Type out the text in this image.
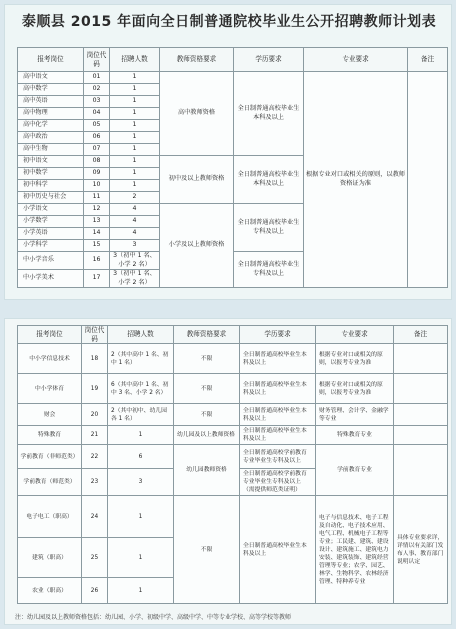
泰顺县 2015 年面向全日制普通院校毕业生公开招聘教师计划表
报考岗位	岗位代码	招聘人数	教师资格要求	学历要求	专业要求	备注
高中语文	01	1	高中教师资格	全日制普通高校毕业生本科及以上	根据专业对口或相关的原则，以教师资格证为准	
高中数学	02	1				
高中英语	03	1				
高中物理	04	1				
高中化学	05	1				
高中政治	06	1				
高中生物	07	1				
初中语文	08	1	初中及以上教师资格	全日制普通高校毕业生本科及以上		
初中数学	09	1				
初中科学	10	1				
初中历史与社会	11	2				
小学语文	12	4	小学及以上教师资格	全日制普通高校毕业生专科及以上		
小学数学	13	4				
小学英语	14	4				
小学科学	15	3				
中小学音乐	16	3（初中 1 名、小学 2 名）		全日制普通高校毕业生专科及以上		
中小学美术	17	3（初中 1 名、小学 2 名）				
报考岗位	岗位代码	招聘人数	教师资格要求	学历要求	专业要求	备注
中小学信息技术	18	2（其中高中 1 名、初中 1 名）	不限	全日制普通高校毕业生本科及以上	根据专业对口或相关的原则，以报考专业为准	
中小学体育	19	6（其中高中 1 名、初中 3 名、小学 2 名）	不限	全日制普通高校毕业生本科及以上	根据专业对口或相关的原则，以报考专业为准	
财会	20	2（其中初中、幼儿园各 1 名）	不限	全日制普通高校毕业生本科及以上	财务管理、会计学、金融学等专业	
特殊教育	21	1	幼儿园及以上教师资格	全日制普通高校毕业生本科及以上	特殊教育专业	
学前教育（非师范类）	22	6	幼儿园教师资格	全日制普通高校学前教育专业毕业生专科及以上	学前教育专业	
学前教育（师范类）	23	3		全日制普通高校学前教育专业毕业生专科及以上（需提供师范类证明）		
电子电工（职高）	24	1	不限	全日制普通高校毕业生本科及以上	电子与信息技术、电子工程及自动化、电子技术应用、电气工程、机械电子工程等专业；工民建、建筑、建设设计、建筑施工、建筑电力安装、建筑装饰、建筑经营管理等专业；农学、园艺、林学、生物科学、农林经济管理、特种养专业	具体专业要求详，详情以有关部门发布人事、教育部门说明认定
建筑（职高）	25	1				
农业（职高）	26	1				
注：幼儿园及以上教师资格包括：幼儿园、小学、初级中学、高级中学、中等专业学校、高等学校等教师
